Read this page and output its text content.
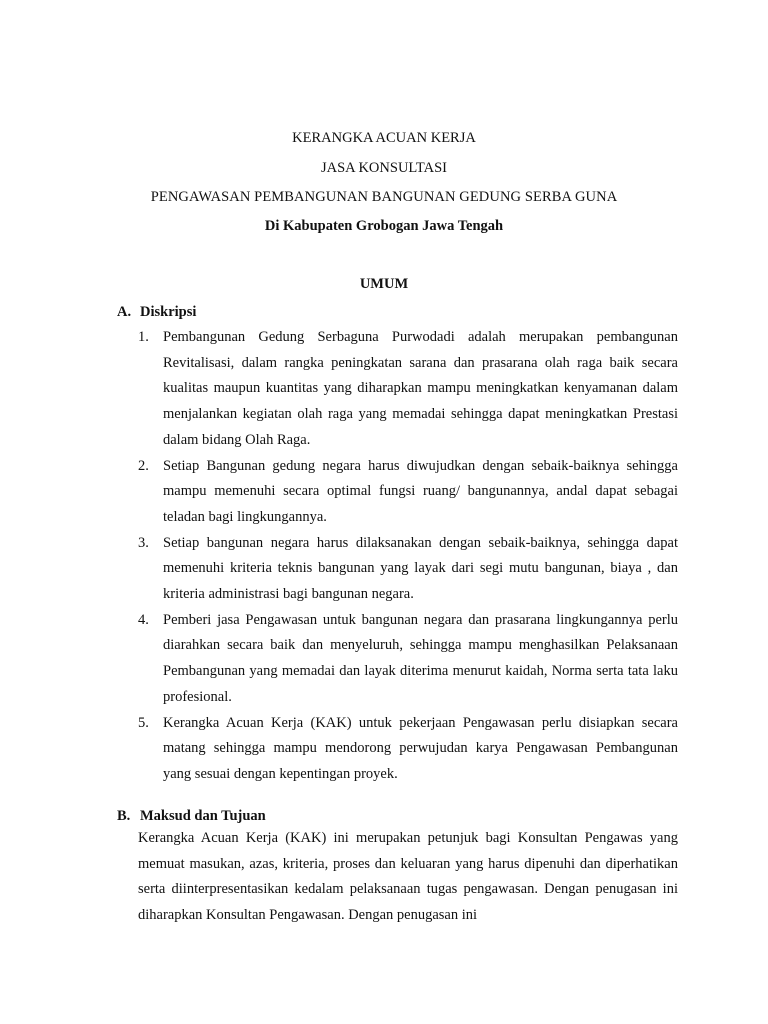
KERANGKA ACUAN KERJA
JASA KONSULTASI
PENGAWASAN PEMBANGUNAN BANGUNAN GEDUNG SERBA GUNA
Di Kabupaten Grobogan Jawa Tengah
UMUM
A. Diskripsi
1. Pembangunan Gedung Serbaguna Purwodadi adalah merupakan pembangunan Revitalisasi, dalam rangka peningkatan sarana dan prasarana olah raga baik secara kualitas maupun kuantitas yang diharapkan mampu meningkatkan kenyamanan dalam menjalankan kegiatan olah raga yang memadai sehingga dapat meningkatkan Prestasi dalam bidang Olah Raga.
2. Setiap Bangunan gedung negara harus diwujudkan dengan sebaik-baiknya sehingga mampu memenuhi secara optimal fungsi ruang/ bangunannya, andal dapat sebagai teladan bagi lingkungannya.
3. Setiap bangunan negara harus dilaksanakan dengan sebaik-baiknya, sehingga dapat memenuhi kriteria teknis bangunan yang layak dari segi mutu bangunan, biaya , dan kriteria administrasi bagi bangunan negara.
4. Pemberi jasa Pengawasan untuk bangunan negara dan prasarana lingkungannya perlu diarahkan secara baik dan menyeluruh, sehingga mampu menghasilkan Pelaksanaan Pembangunan yang memadai dan layak diterima menurut kaidah, Norma serta tata laku profesional.
5. Kerangka Acuan Kerja (KAK) untuk pekerjaan Pengawasan perlu disiapkan secara matang sehingga mampu mendorong perwujudan karya Pengawasan Pembangunan yang sesuai dengan kepentingan proyek.
B. Maksud dan Tujuan
Kerangka Acuan Kerja (KAK) ini merupakan petunjuk bagi Konsultan Pengawas yang memuat masukan, azas, kriteria, proses dan keluaran yang harus dipenuhi dan diperhatikan serta diinterpresentasikan kedalam pelaksanaan tugas pengawasan. Dengan penugasan ini diharapkan Konsultan Pengawasan. Dengan penugasan ini
